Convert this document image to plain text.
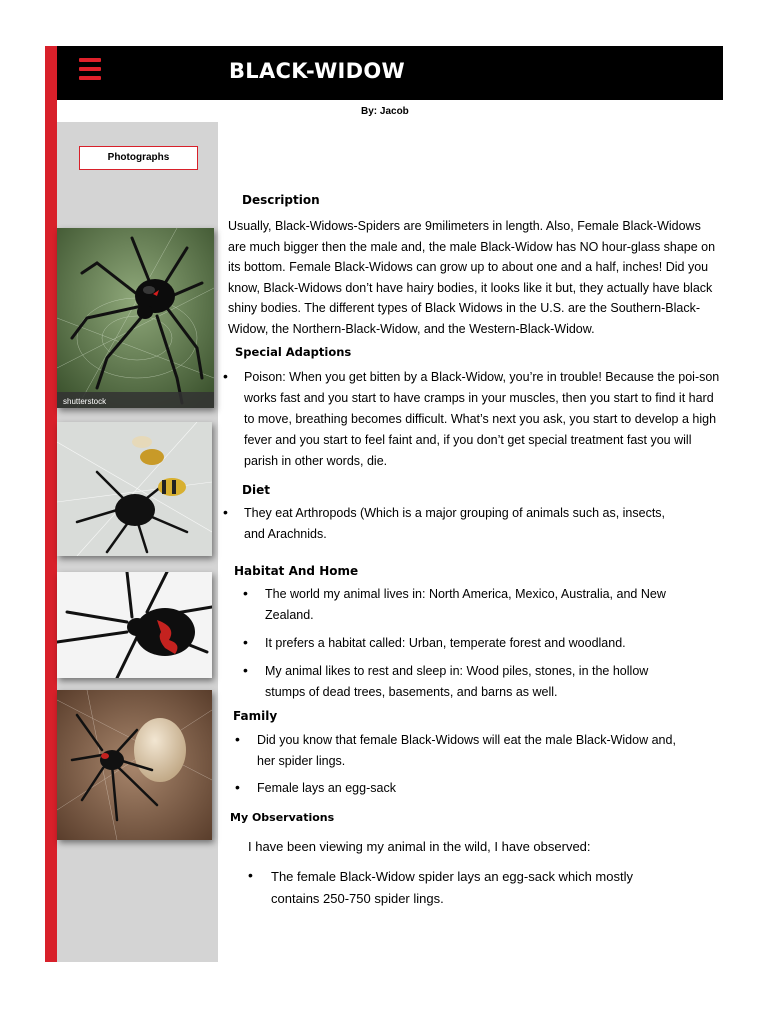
BLACK-WIDOW
By: Jacob
Photographs
shutterstock
Description
Usually, Black-Widows-Spiders are 9milimeters in length. Also, Female Black-Widows are much bigger then the male and, the male Black-Widow has NO hour-glass shape on its bottom. Female Black-Widows can grow up to about one and a half, inches! Did you know, Black-Widows don’t have hairy bodies, it looks like it but, they actually have black shiny bodies. The different types of Black Widows in the U.S. are the Southern-Black-Widow, the Northern-Black-Widow, and the Western-Black-Widow.
Special Adaptions
• Poison: When you get bitten by a Black-Widow, you’re in trouble! Because the poi-son works fast and you start to have cramps in your muscles, then you start to find it hard to move, breathing becomes difficult. What’s next you ask, you start to develop a high fever and you start to feel faint and, if you don’t get special treatment fast you will parish in other words, die.
Diet
• They eat Arthropods (Which is a major grouping of animals such as, insects, and Arachnids.
Habitat And Home
• The world my animal lives in: North America, Mexico, Australia, and New Zealand.
• It prefers a habitat called: Urban, temperate forest and woodland.
• My animal likes to rest and sleep in: Wood piles, stones, in the hollow stumps of dead trees, basements, and barns as well.
Family
• Did you know that female Black-Widows will eat the male Black-Widow and, her spider lings.
• Female lays an egg-sack
My Observations
I have been viewing my animal in the wild, I have observed:
• The female Black-Widow spider lays an egg-sack which mostly contains 250-750 spider lings.
